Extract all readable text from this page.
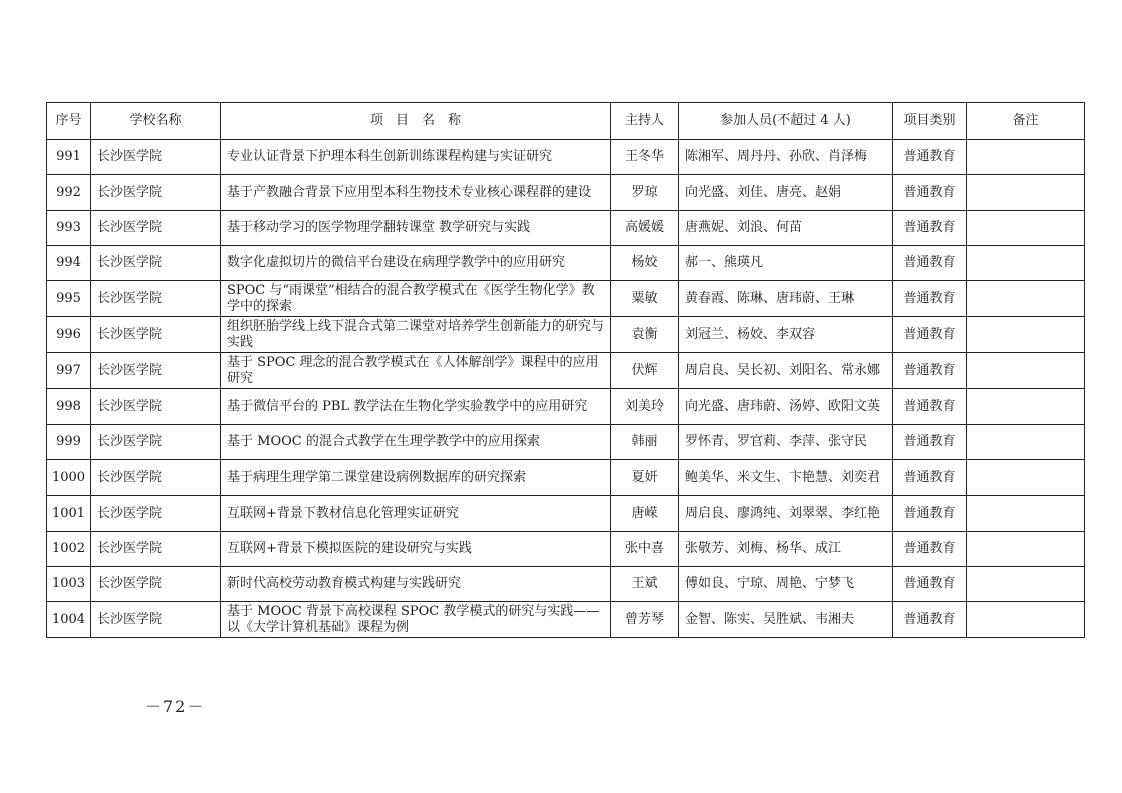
序号	学校名称	项　目　名　称	主持人	参加人员(不超过 4 人)	项目类别	备注
991	长沙医学院	专业认证背景下护理本科生创新训练课程构建与实证研究	王冬华	陈湘军、周丹丹、孙欣、肖泽梅	普通教育	
992	长沙医学院	基于产教融合背景下应用型本科生物技术专业核心课程群的建设	罗琼	向光盛、刘佳、唐亮、赵娟	普通教育	
993	长沙医学院	基于移动学习的医学物理学翻转课堂 教学研究与实践	高媛媛	唐燕妮、刘浪、何苗	普通教育	
994	长沙医学院	数字化虚拟切片的微信平台建设在病理学教学中的应用研究	杨姣	郝一、熊瑛凡	普通教育	
995	长沙医学院	SPOC 与“雨课堂”相结合的混合教学模式在《医学生物化学》教学中的探索	粟敏	黄春霞、陈琳、唐玮蔚、王琳	普通教育	
996	长沙医学院	组织胚胎学线上线下混合式第二课堂对培养学生创新能力的研究与实践	袁衡	刘冠兰、杨姣、李双容	普通教育	
997	长沙医学院	基于 SPOC 理念的混合教学模式在《人体解剖学》课程中的应用研究	伏辉	周启良、吴长初、刘阳名、常永娜	普通教育	
998	长沙医学院	基于微信平台的 PBL 教学法在生物化学实验教学中的应用研究	刘美玲	向光盛、唐玮蔚、汤婷、欧阳文英	普通教育	
999	长沙医学院	基于 MOOC 的混合式教学在生理学教学中的应用探索	韩丽	罗怀青、罗官莉、李萍、张守民	普通教育	
1000	长沙医学院	基于病理生理学第二课堂建设病例数据库的研究探索	夏妍	鲍美华、米文生、卞艳慧、刘奕君	普通教育	
1001	长沙医学院	互联网+背景下教材信息化管理实证研究	唐嵘	周启良、廖鸿纯、刘翠翠、李红艳	普通教育	
1002	长沙医学院	互联网+背景下模拟医院的建设研究与实践	张中喜	张敬芳、刘梅、杨华、成江	普通教育	
1003	长沙医学院	新时代高校劳动教育模式构建与实践研究	王斌	傅如良、宁琼、周艳、宁梦飞	普通教育	
1004	长沙医学院	基于 MOOC 背景下高校课程 SPOC 教学模式的研究与实践——以《大学计算机基础》课程为例	曾芳琴	金智、陈实、吴胜斌、韦湘夫	普通教育	
－72－
